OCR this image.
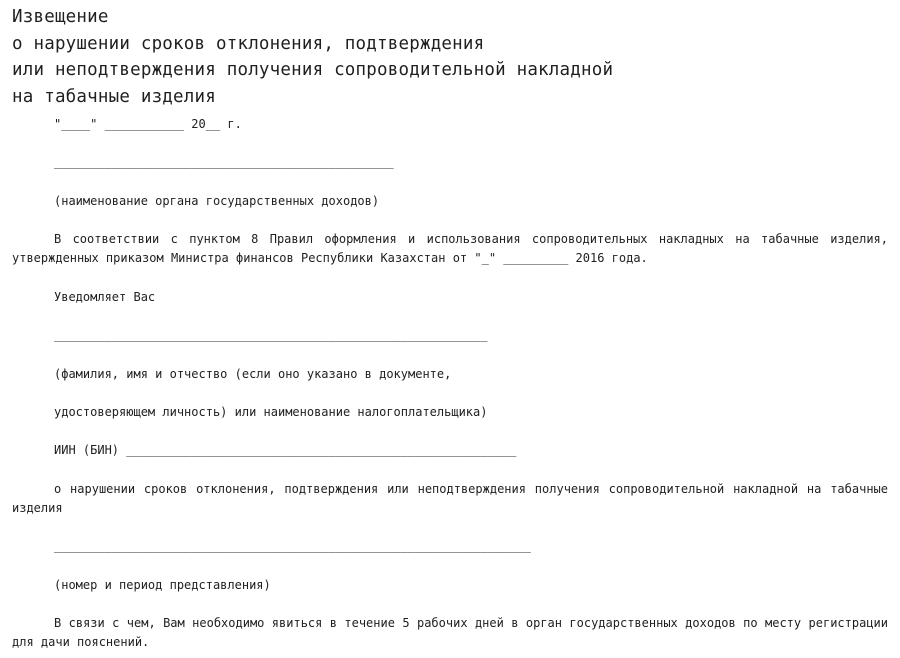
Извещение
о нарушении сроков отклонения, подтверждения
или неподтверждения получения сопроводительной накладной
на табачные изделия

"____" ___________ 20__ г.

_______________________________________________

(наименование органа государственных доходов)

В соответствии с пунктом 8 Правил оформления и использования сопроводительных накладных на табачные изделия,
утвержденных приказом Министра финансов Республики Казахстан от "_" _________ 2016 года.

Уведомляет Вас

____________________________________________________________

(фамилия, имя и отчество (если оно указано в документе,

удостоверяющем личность) или наименование налогоплательщика)

ИИН (БИН) ______________________________________________________

о нарушении сроков отклонения, подтверждения или неподтверждения получения сопроводительной накладной на табачные
изделия

__________________________________________________________________

(номер и период представления)

В связи с чем, Вам необходимо явиться в течение 5 рабочих дней в орган государственных доходов по месту регистрации
для дачи пояснений.
